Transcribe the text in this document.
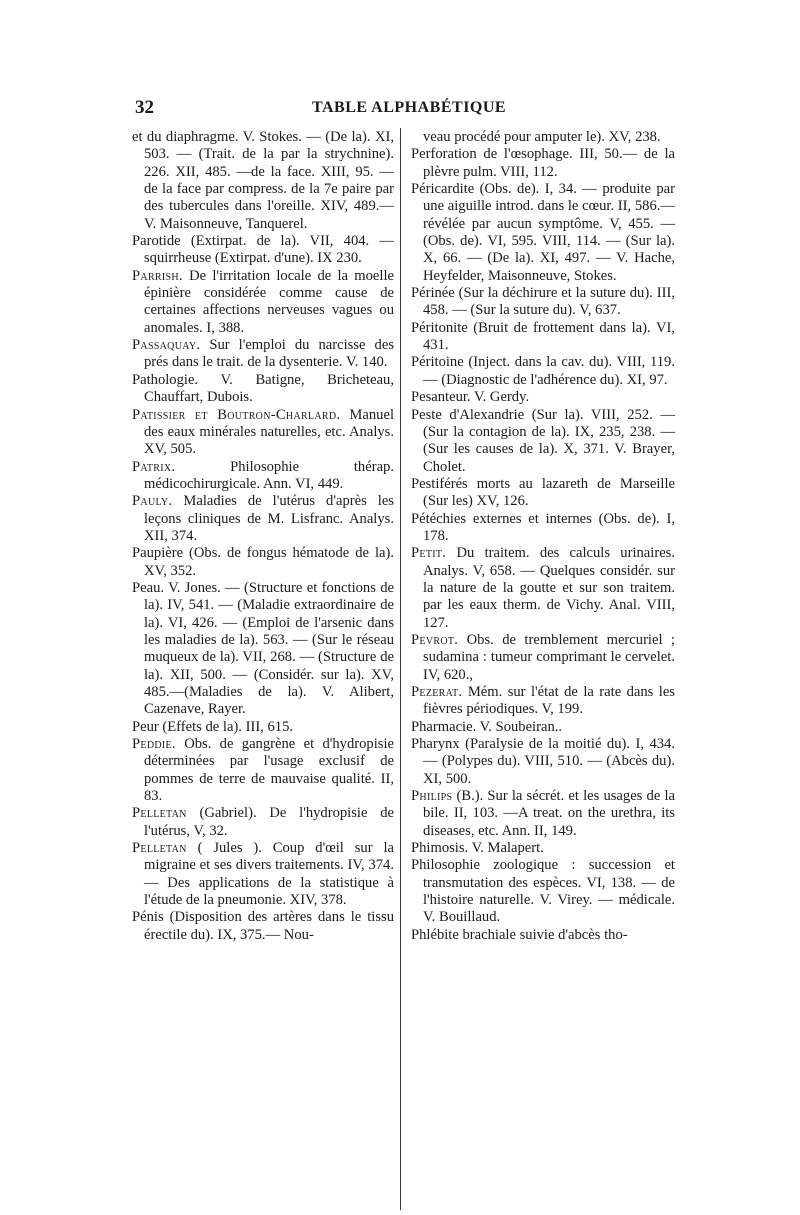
32	TABLE ALPHABÉTIQUE

et du diaphragme. V. Stokes. — (De la). XI, 503. — (Trait. de la par la strychnine). 226. XII, 485. —de la face. XIII, 95. — de la face par compress. de la 7e paire par des tubercules dans l'oreille. XIV, 489.—V. Maisonneuve, Tanquerel.

Parotide (Extirpat. de la). VII, 404. — squirrheuse (Extirpat. d'une). IX 230.

Parrish. De l'irritation locale de la moelle épinière considérée comme cause de certaines affections nerveuses vagues ou anomales. I, 388.

Passaquay. Sur l'emploi du narcisse des prés dans le trait. de la dysenterie. V. 140.

Pathologie. V. Batigne, Bricheteau, Chauffart, Dubois.

Patissier et Boutron-Charlard. Manuel des eaux minérales naturelles, etc. Analys. XV, 505.

Patrix. Philosophie thérap. médicochirurgicale. Ann. VI, 449.

Pauly. Maladies de l'utérus d'après les leçons cliniques de M. Lisfranc. Analys. XII, 374.

Paupière (Obs. de fongus hématode de la). XV, 352.

Peau. V. Jones. — (Structure et fonctions de la). IV, 541. — (Maladie extraordinaire de la). VI, 426. — (Emploi de l'arsenic dans les maladies de la). 563. — (Sur le réseau muqueux de la). VII, 268. — (Structure de la). XII, 500. — (Considér. sur la). XV, 485.—(Maladies de la). V. Alibert, Cazenave, Rayer.

Peur (Effets de la). III, 615.

Peddie. Obs. de gangrène et d'hydropisie déterminées par l'usage exclusif de pommes de terre de mauvaise qualité. II, 83.

Pelletan (Gabriel). De l'hydropisie de l'utérus, V, 32.

Pelletan ( Jules ). Coup d'œil sur la migraine et ses divers traitements. IV, 374. — Des applications de la statistique à l'étude de la pneumonie. XIV, 378.

Pénis (Disposition des artères dans le tissu érectile du). IX, 375.— Nou-

veau procédé pour amputer le). XV, 238.

Perforation de l'œsophage. III, 50.— de la plèvre pulm. VIII, 112.

Péricardite (Obs. de). I, 34. — produite par une aiguille introd. dans le cœur. II, 586.— révélée par aucun symptôme. V, 455. — (Obs. de). VI, 595. VIII, 114. — (Sur la). X, 66. — (De la). XI, 497. — V. Hache, Heyfelder, Maisonneuve, Stokes.

Périnée (Sur la déchirure et la suture du). III, 458. — (Sur la suture du). V, 637.

Péritonite (Bruit de frottement dans la). VI, 431.

Péritoine (Inject. dans la cav. du). VIII, 119. — (Diagnostic de l'adhérence du). XI, 97.

Pesanteur. V. Gerdy.

Peste d'Alexandrie (Sur la). VIII, 252. —(Sur la contagion de la). IX, 235, 238. — (Sur les causes de la). X, 371. V. Brayer, Cholet.

Pestiférés morts au lazareth de Marseille (Sur les) XV, 126.

Pétéchies externes et internes (Obs. de). I, 178.

Petit. Du traitem. des calculs urinaires. Analys. V, 658. — Quelques considér. sur la nature de la goutte et sur son traitem. par les eaux therm. de Vichy. Anal. VIII, 127.

Pevrot. Obs. de tremblement mercuriel ; sudamina : tumeur comprimant le cervelet. IV, 620.,

Pezerat. Mém. sur l'état de la rate dans les fièvres périodiques. V, 199.

Pharmacie. V. Soubeiran..

Pharynx (Paralysie de la moitié du). I, 434. — (Polypes du). VIII, 510. — (Abcès du). XI, 500.

Philips (B.). Sur la sécrét. et les usages de la bile. II, 103. —A treat. on the urethra, its diseases, etc. Ann. II, 149.

Phimosis. V. Malapert.

Philosophie zoologique : succession et transmutation des espèces. VI, 138. — de l'histoire naturelle. V. Virey. — médicale. V. Bouillaud.

Phlébite brachiale suivie d'abcès tho-
